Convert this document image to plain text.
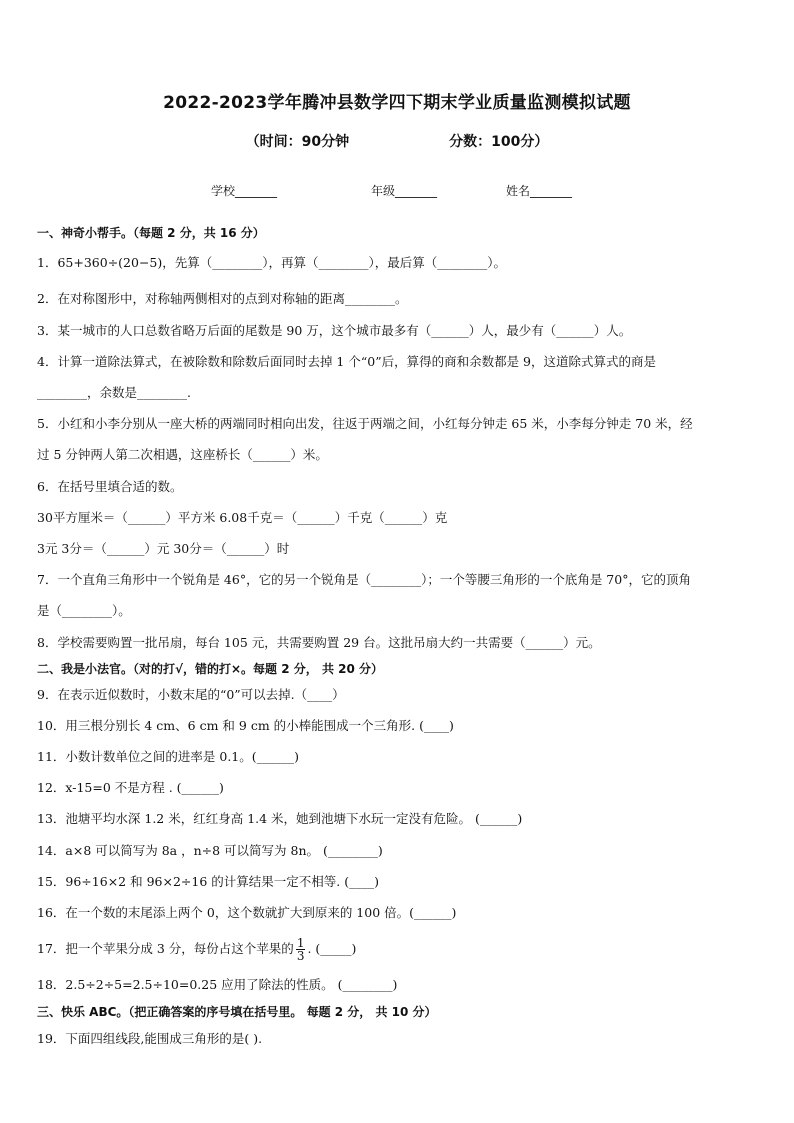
2022-2023学年腾冲县数学四下期末学业质量监测模拟试题
（时间：90分钟	分数：100分）
学校_______	年级_______	姓名_______
一、神奇小帮手。（每题 2 分，共 16 分）
1．65+360÷(20−5)，先算（________），再算（________），最后算（________）。
2．在对称图形中，对称轴两侧相对的点到对称轴的距离________。
3．某一城市的人口总数省略万后面的尾数是 90 万，这个城市最多有（______）人，最少有（______）人。
4．计算一道除法算式，在被除数和除数后面同时去掉 1 个“0”后，算得的商和余数都是 9，这道除式算式的商是
________，余数是________.
5．小红和小李分别从一座大桥的两端同时相向出发，往返于两端之间，小红每分钟走 65 米，小李每分钟走 70 米，经
过 5 分钟两人第二次相遇，这座桥长（______）米。
6．在括号里填合适的数。
30平方厘米＝（______）平方米 6.08千克＝（______）千克（______）克
3元 3分＝（______）元 30分＝（______）时
7．一个直角三角形中一个锐角是 46°，它的另一个锐角是（________）；一个等腰三角形的一个底角是 70°，它的顶角
是（________）。
8．学校需要购置一批吊扇，每台 105 元，共需要购置 29 台。这批吊扇大约一共需要（______）元。
二、我是小法官。（对的打√，错的打×。每题 2 分， 共 20 分）
9．在表示近似数时，小数末尾的“0”可以去掉.（____）
10．用三根分别长 4 cm、6 cm 和 9 cm 的小棒能围成一个三角形. (____)
11．小数计数单位之间的进率是 0.1。(______)
12．x-15=0 不是方程 . (______)
13．池塘平均水深 1.2 米，红红身高 1.4 米，她到池塘下水玩一定没有危险。 (______)
14．a×8 可以简写为 8a ，n÷8 可以简写为 8n。 (________)
15．96÷16×2 和 96×2÷16 的计算结果一定不相等. (____)
16．在一个数的末尾添上两个 0，这个数就扩大到原来的 100 倍。(______)
17．把一个苹果分成 3 分，每份占这个苹果的 $\frac{1}{3}$ . (_____)
18．2.5÷2÷5=2.5÷10=0.25 应用了除法的性质。 (________)
三、快乐 ABC。（把正确答案的序号填在括号里。 每题 2 分， 共 10 分）
19．下面四组线段,能围成三角形的是( ).
